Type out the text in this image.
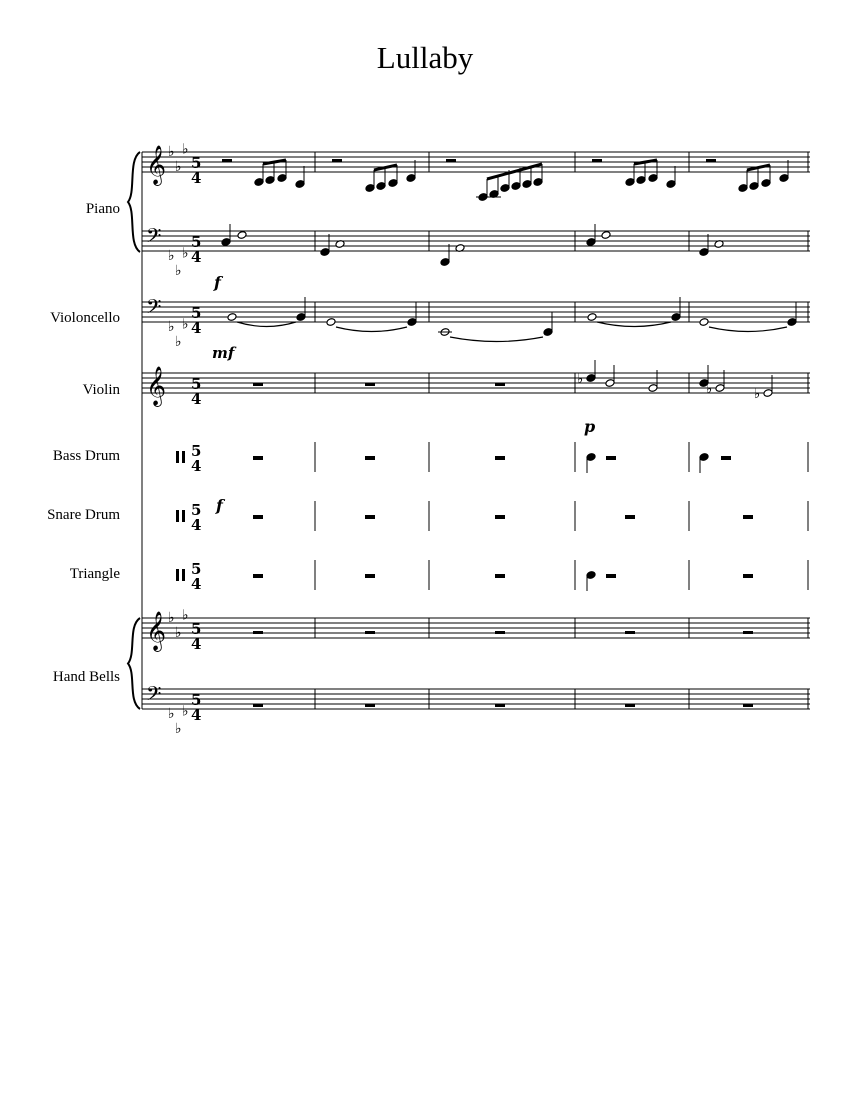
Lullaby
Piano
Violoncello
Violin
Bass Drum
Snare Drum
Triangle
Hand Bells
𝄞 ♭
♭
♭
𝄢
♭
♭
♭
𝄢
♭
♭
♭
𝄞
𝄞 ♭
♭
♭
𝄢
♭
♭
♭
♭
♭	♭
f
mf
p
f
5
4
5
4
5
4
5
4
5
4
5
4
5
4
5
4
5
4
